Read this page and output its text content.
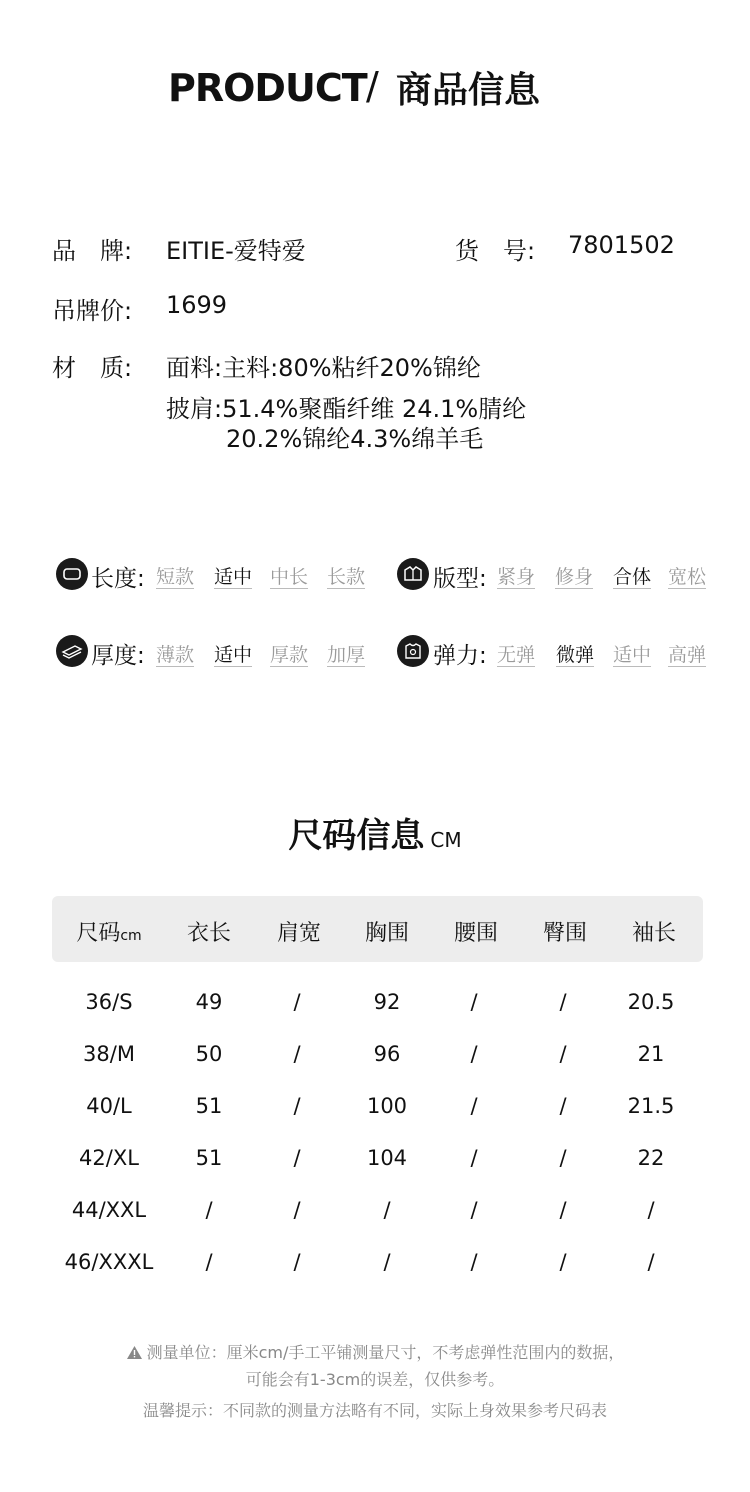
PRODUCT / 商品信息
品　牌: EITIE-爱特爱	货　号: 7801502
吊牌价: 1699
材　质: 面料:主料:80%粘纤20%锦纶
披肩:51.4%聚酯纤维 24.1%腈纶
20.2%锦纶4.3%绵羊毛
长度: 短款 适中 中长 长款	版型: 紧身 修身 合体 宽松
厚度: 薄款 适中 厚款 加厚	弹力: 无弹 微弹 适中 高弹
尺码信息 CM
尺码cm	衣长	肩宽	胸围	腰围	臀围	袖长
36/S	49	/	92	/	/	20.5
38/M	50	/	96	/	/	21
40/L	51	/	100	/	/	21.5
42/XL	51	/	104	/	/	22
44/XXL	/	/	/	/	/	/
46/XXXL	/	/	/	/	/	/
测量单位：厘米cm/手工平铺测量尺寸，不考虑弹性范围内的数据，
可能会有1-3cm的误差，仅供参考。
温馨提示：不同款的测量方法略有不同，实际上身效果参考尺码表
